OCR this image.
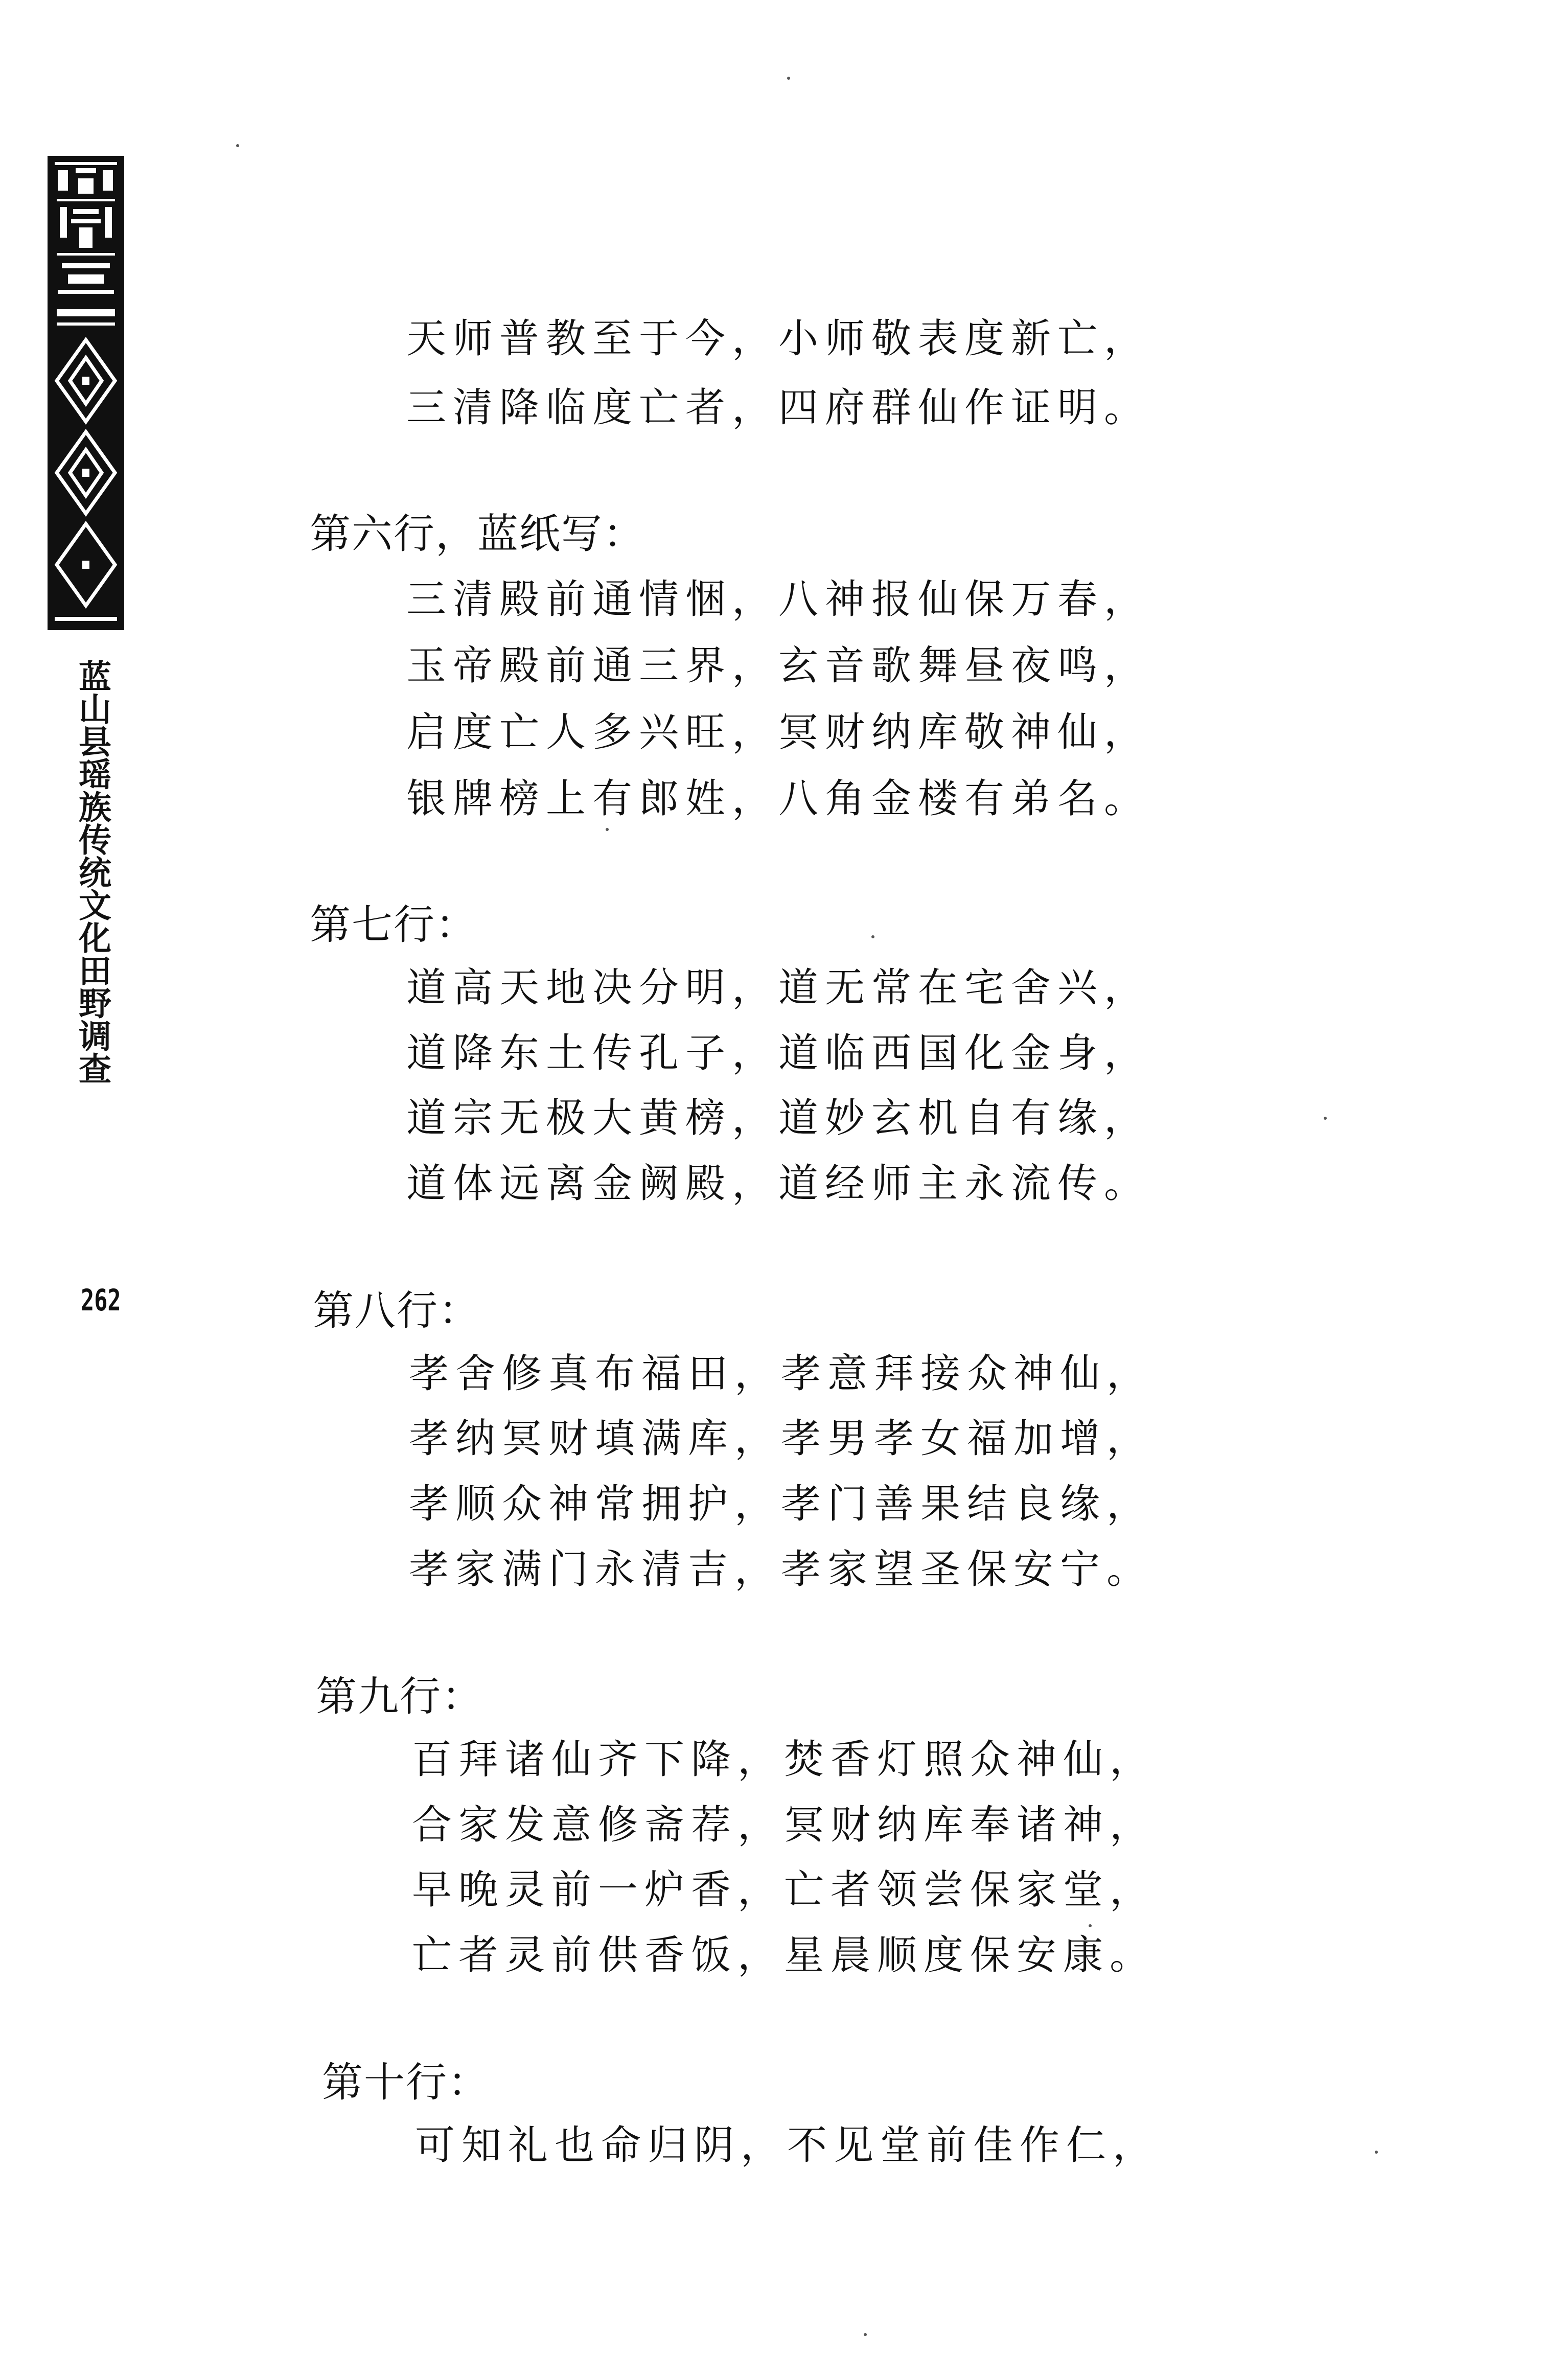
蓝山县瑶族传统文化田野调查
262
天师普教至于今，小师敬表度新亡，
三清降临度亡者，四府群仙作证明。
第六行，蓝纸写：
三清殿前通情悃，八神报仙保万春，
玉帝殿前通三界，玄音歌舞昼夜鸣，
启度亡人多兴旺，冥财纳库敬神仙，
银牌榜上有郎姓，八角金楼有弟名。
第七行：
道高天地决分明，道无常在宅舍兴，
道降东土传孔子，道临西国化金身，
道宗无极大黄榜，道妙玄机自有缘，
道体远离金阙殿，道经师主永流传。
第八行：
孝舍修真布福田，孝意拜接众神仙，
孝纳冥财填满库，孝男孝女福加增，
孝顺众神常拥护，孝门善果结良缘，
孝家满门永清吉，孝家望圣保安宁。
第九行：
百拜诸仙齐下降，焚香灯照众神仙，
合家发意修斋荐，冥财纳库奉诸神，
早晚灵前一炉香，亡者领尝保家堂，
亡者灵前供香饭，星晨顺度保安康。
第十行：
可知礼也命归阴，不见堂前佳作仁，
